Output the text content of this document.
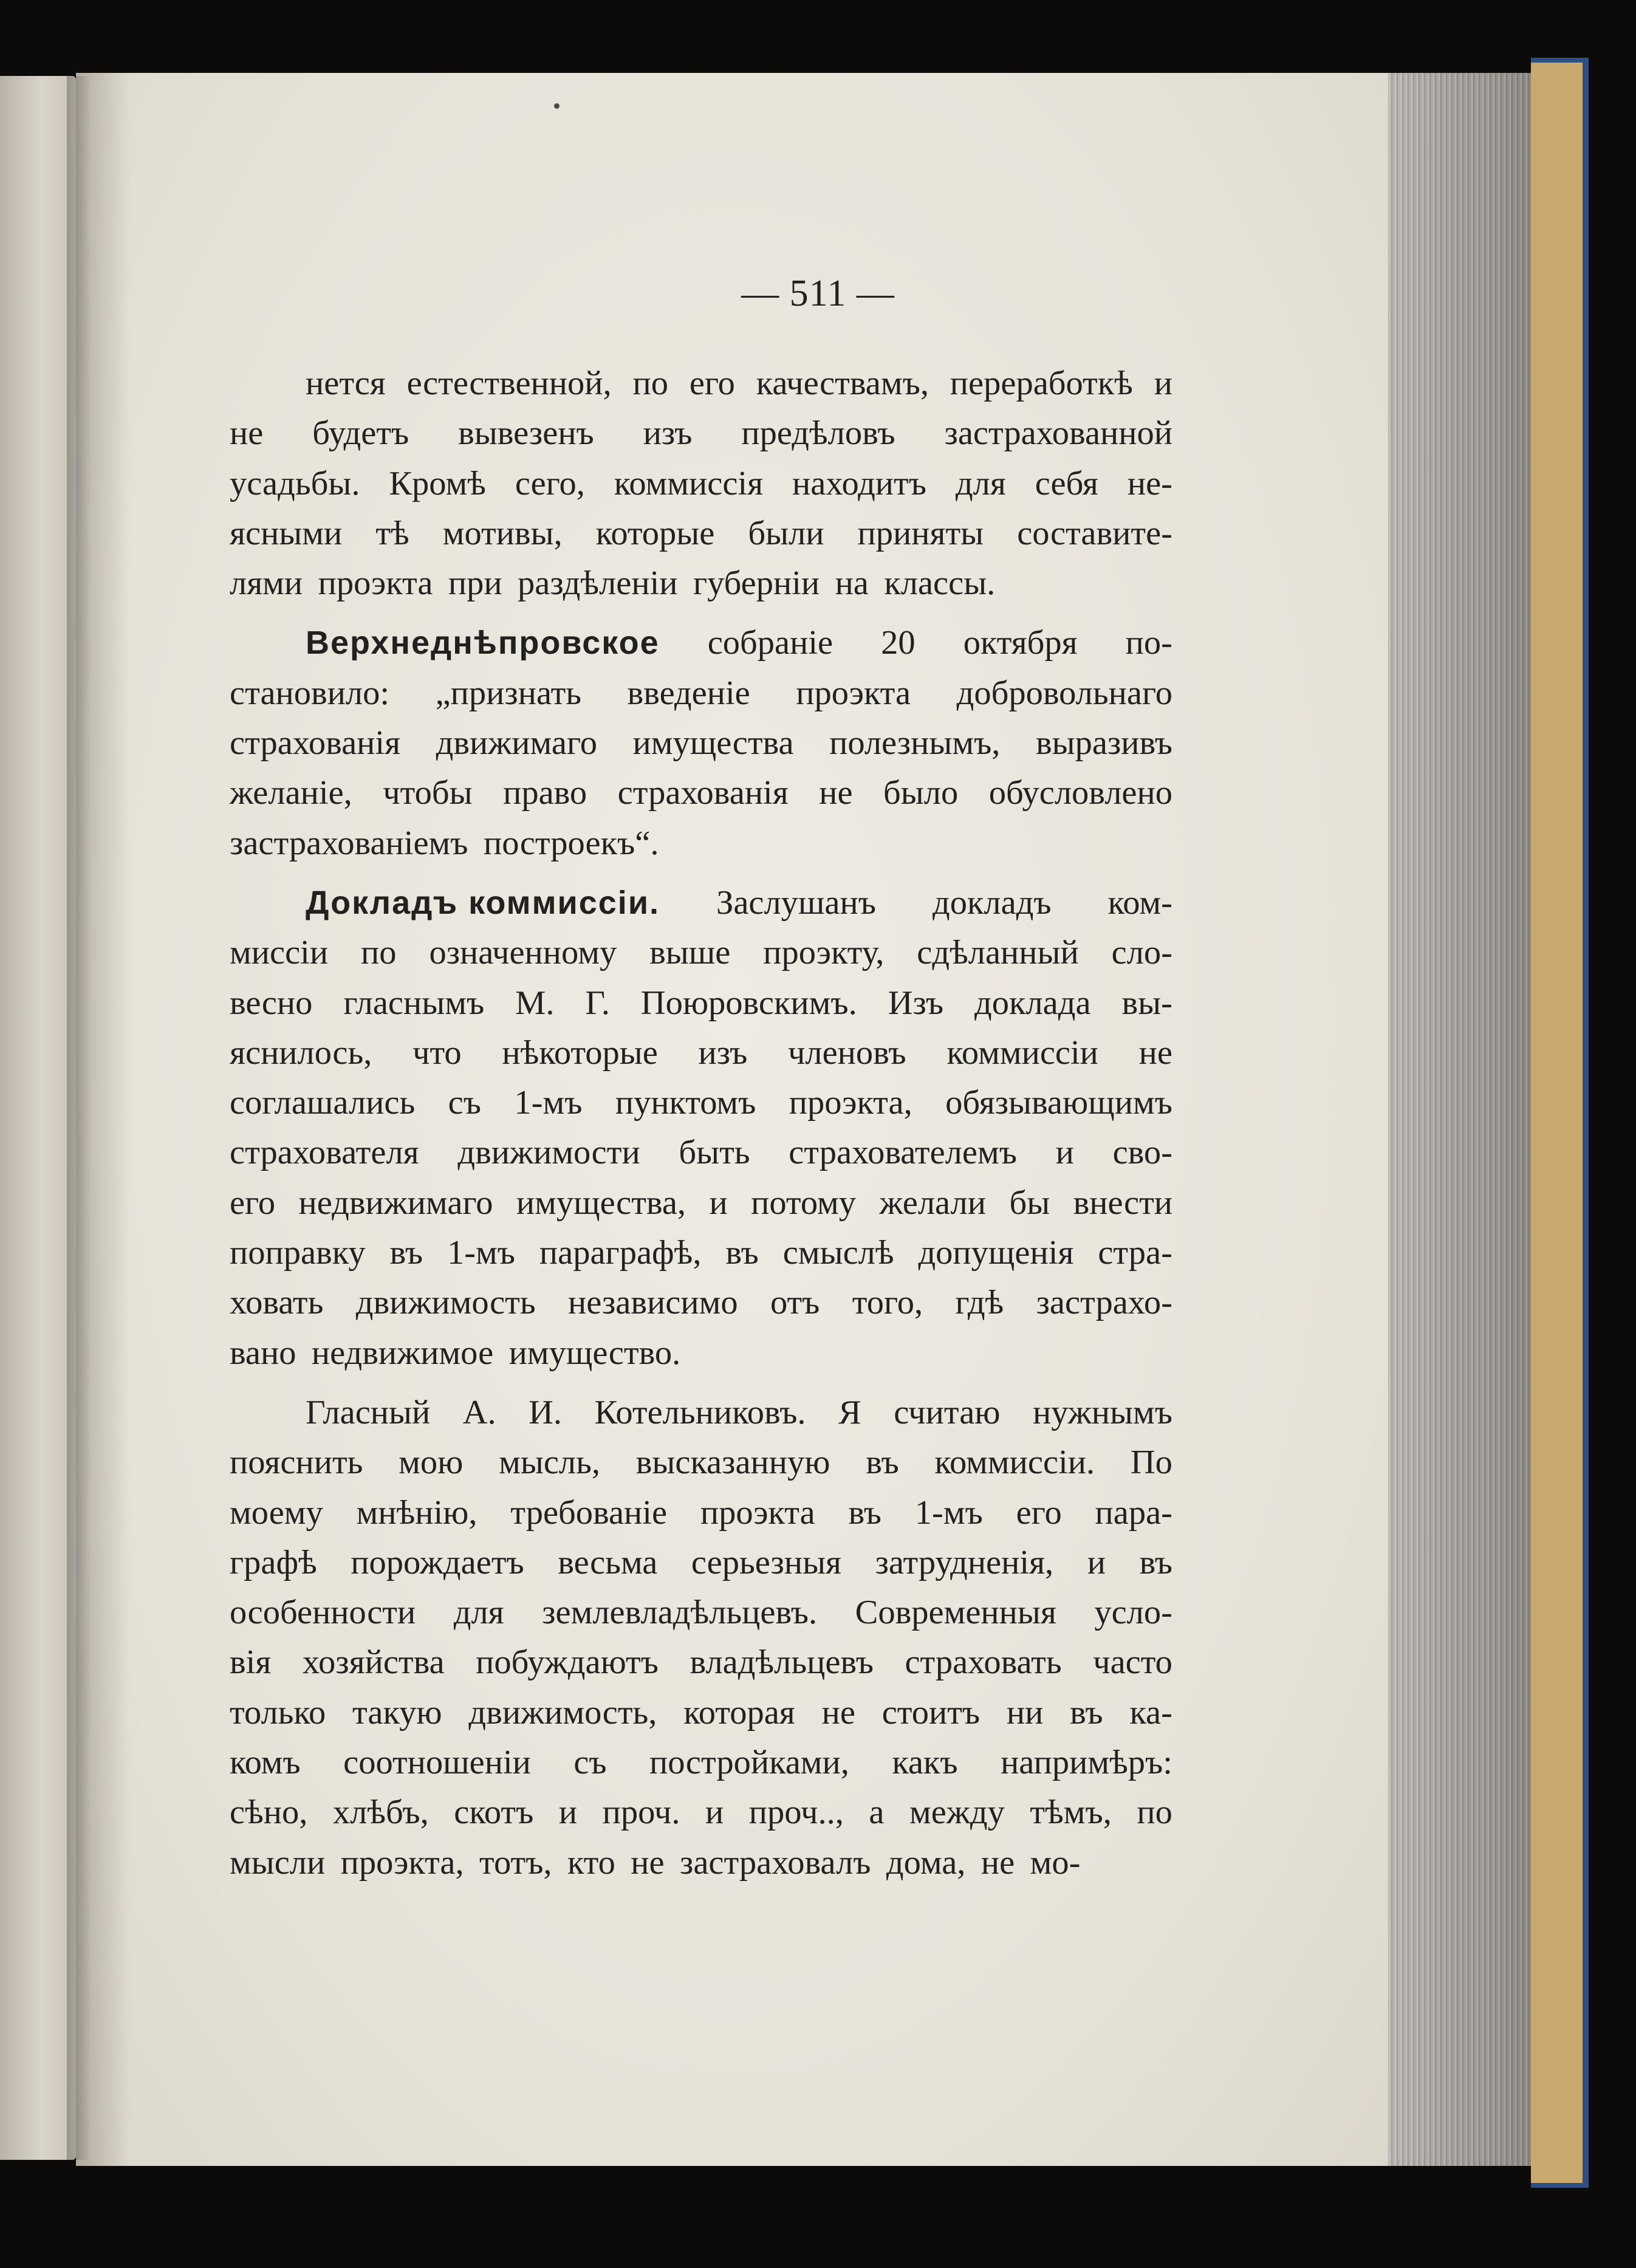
— 511 —
нется естественной, по его качествамъ, переработкѣ и
не будетъ вывезенъ изъ предѣловъ застрахованной
усадьбы. Кромѣ сего, коммиссія находитъ для себя не-
ясными тѣ мотивы, которые были приняты составите-
лями проэкта при раздѣленіи губерніи на классы.
Верхнеднѣпровское собраніе 20 октября по-
становило: „признать введеніе проэкта добровольнаго
страхованія движимаго имущества полезнымъ, выразивъ
желаніе, чтобы право страхованія не было обусловлено
застрахованіемъ построекъ“.
Докладъ коммиссіи. Заслушанъ докладъ ком-
миссіи по означенному выше проэкту, сдѣланный сло-
весно гласнымъ М. Г. Поюровскимъ. Изъ доклада вы-
яснилось, что нѣкоторые изъ членовъ коммиссіи не
соглашались съ 1-мъ пунктомъ проэкта, обязывающимъ
страхователя движимости быть страхователемъ и сво-
его недвижимаго имущества, и потому желали бы внести
поправку въ 1-мъ параграфѣ, въ смыслѣ допущенія стра-
ховать движимость независимо отъ того, гдѣ застрахо-
вано недвижимое имущество.
Гласный А. И. Котельниковъ. Я считаю нужнымъ
пояснить мою мысль, высказанную въ коммиссіи. По
моему мнѣнію, требованіе проэкта въ 1-мъ его пара-
графѣ порождаетъ весьма серьезныя затрудненія, и въ
особенности для землевладѣльцевъ. Современныя усло-
вія хозяйства побуждаютъ владѣльцевъ страховать часто
только такую движимость, которая не стоитъ ни въ ка-
комъ соотношеніи съ постройками, какъ напримѣръ:
сѣно, хлѣбъ, скотъ и проч. и проч.., а между тѣмъ, по
мысли проэкта, тотъ, кто не застраховалъ дома, не мо-
